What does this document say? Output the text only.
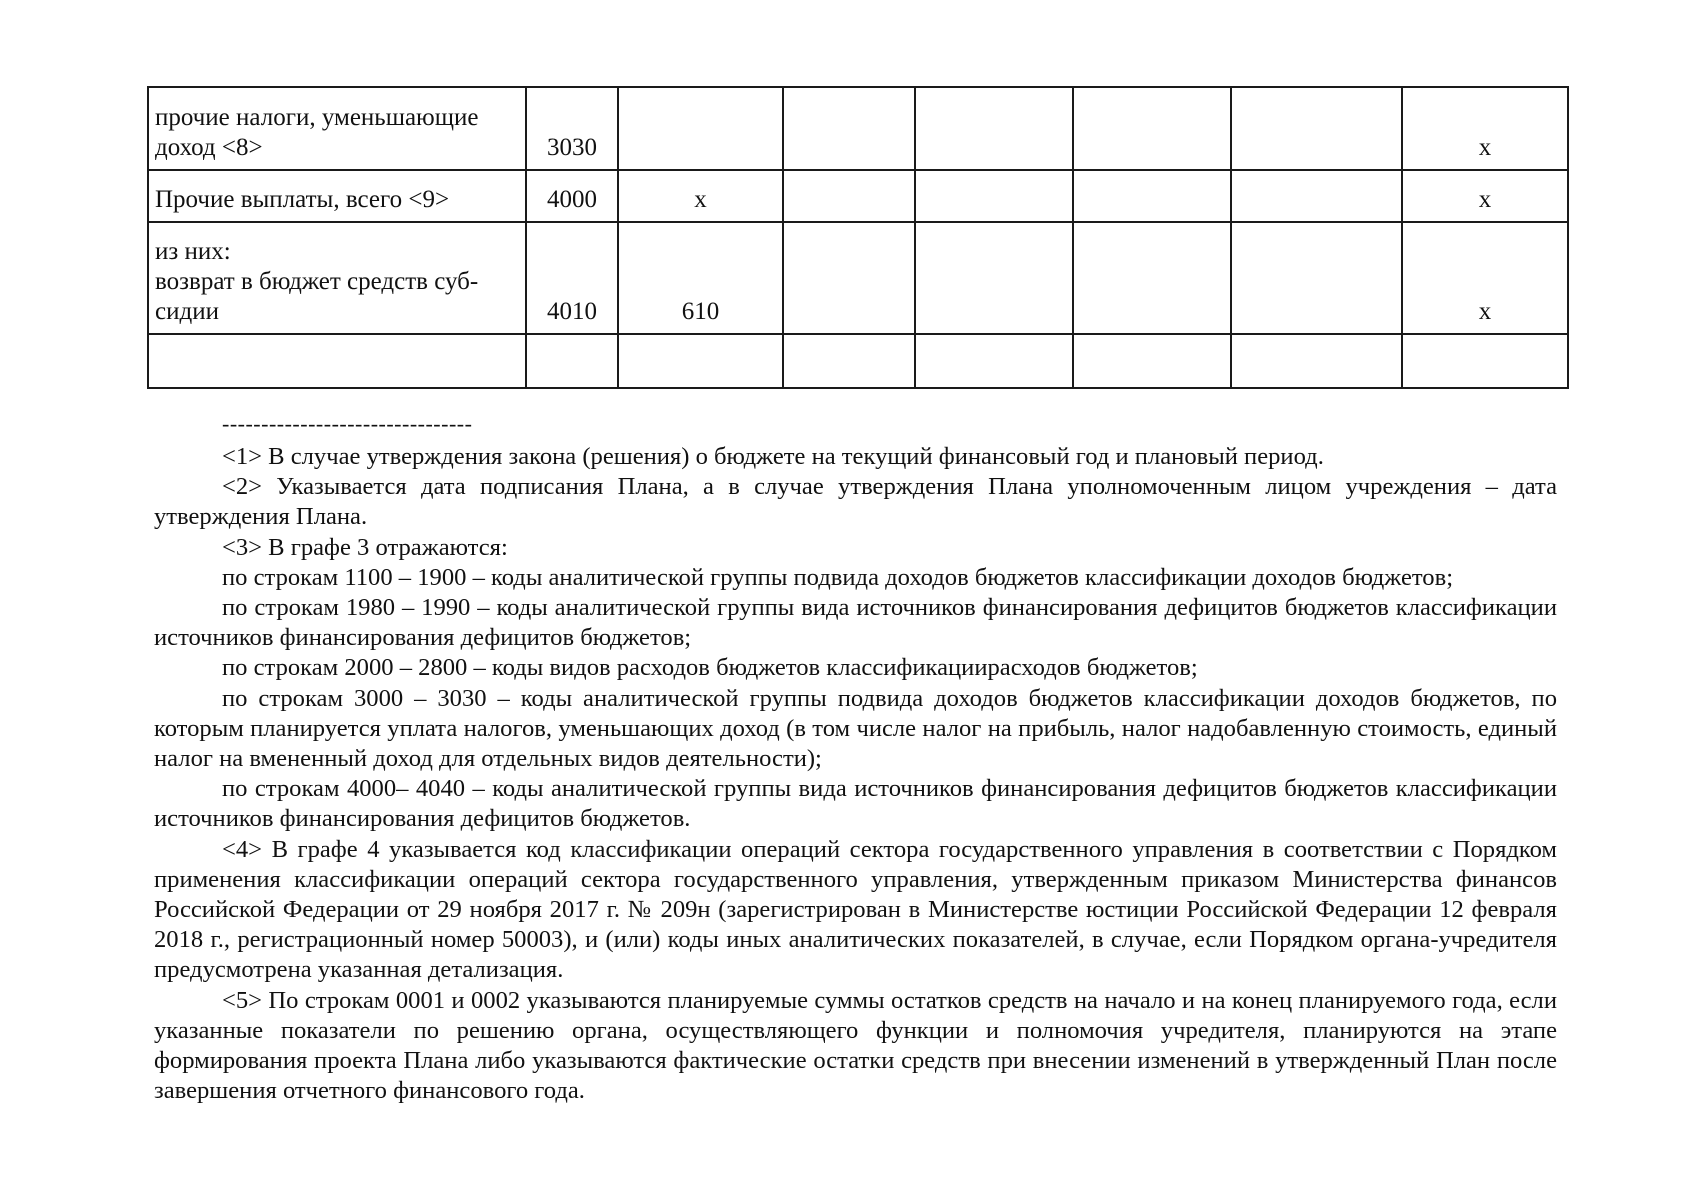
прочие налоги, уменьшающие
доход <8>	3030						х

Прочие выплаты, всего <9>	4000	х					х

из них:
возврат в бюджет средств суб-
сидии	4010	610					х

--------------------------------

<1> В случае утверждения закона (решения) о бюджете на текущий финансовый год и плановый период.

<2> Указывается дата подписания Плана, а в случае утверждения Плана уполномоченным лицом учреждения – дата утверждения Плана.

<3> В графе 3 отражаются:

по строкам 1100 – 1900 – коды аналитической группы подвида доходов бюджетов классификации доходов бюджетов;

по строкам 1980 – 1990 – коды аналитической группы вида источников финансирования дефицитов бюджетов классификации источников финансирования дефицитов бюджетов;

по строкам 2000 – 2800 – коды видов расходов бюджетов классификациирасходов бюджетов;

по строкам 3000 – 3030 – коды аналитической группы подвида доходов бюджетов классификации доходов бюджетов, по которым планируется уплата налогов, уменьшающих доход (в том числе налог на прибыль, налог надобавленную стоимость, единый налог на вмененный доход для отдельных видов деятельности);

по строкам 4000– 4040 – коды аналитической группы вида источников финансирования дефицитов бюджетов классификации источников финансирования дефицитов бюджетов.

<4> В графе 4 указывается код классификации операций сектора государственного управления в соответствии с Порядком применения классификации операций сектора государственного управления, утвержденным приказом Министерства финансов Российской Федерации от 29 ноября 2017 г. № 209н (зарегистрирован в Министерстве юстиции Российской Федерации 12 февраля 2018 г., регистрационный номер 50003), и (или) коды иных аналитических показателей, в случае, если Порядком органа-учредителя предусмотрена указанная детализация.

<5> По строкам 0001 и 0002 указываются планируемые суммы остатков средств на начало и на конец планируемого года, если указанные показатели по решению органа, осуществляющего функции и полномочия учредителя, планируются на этапе формирования проекта Плана либо указываются фактические остатки средств при внесении изменений в утвержденный План после завершения отчетного финансового года.
